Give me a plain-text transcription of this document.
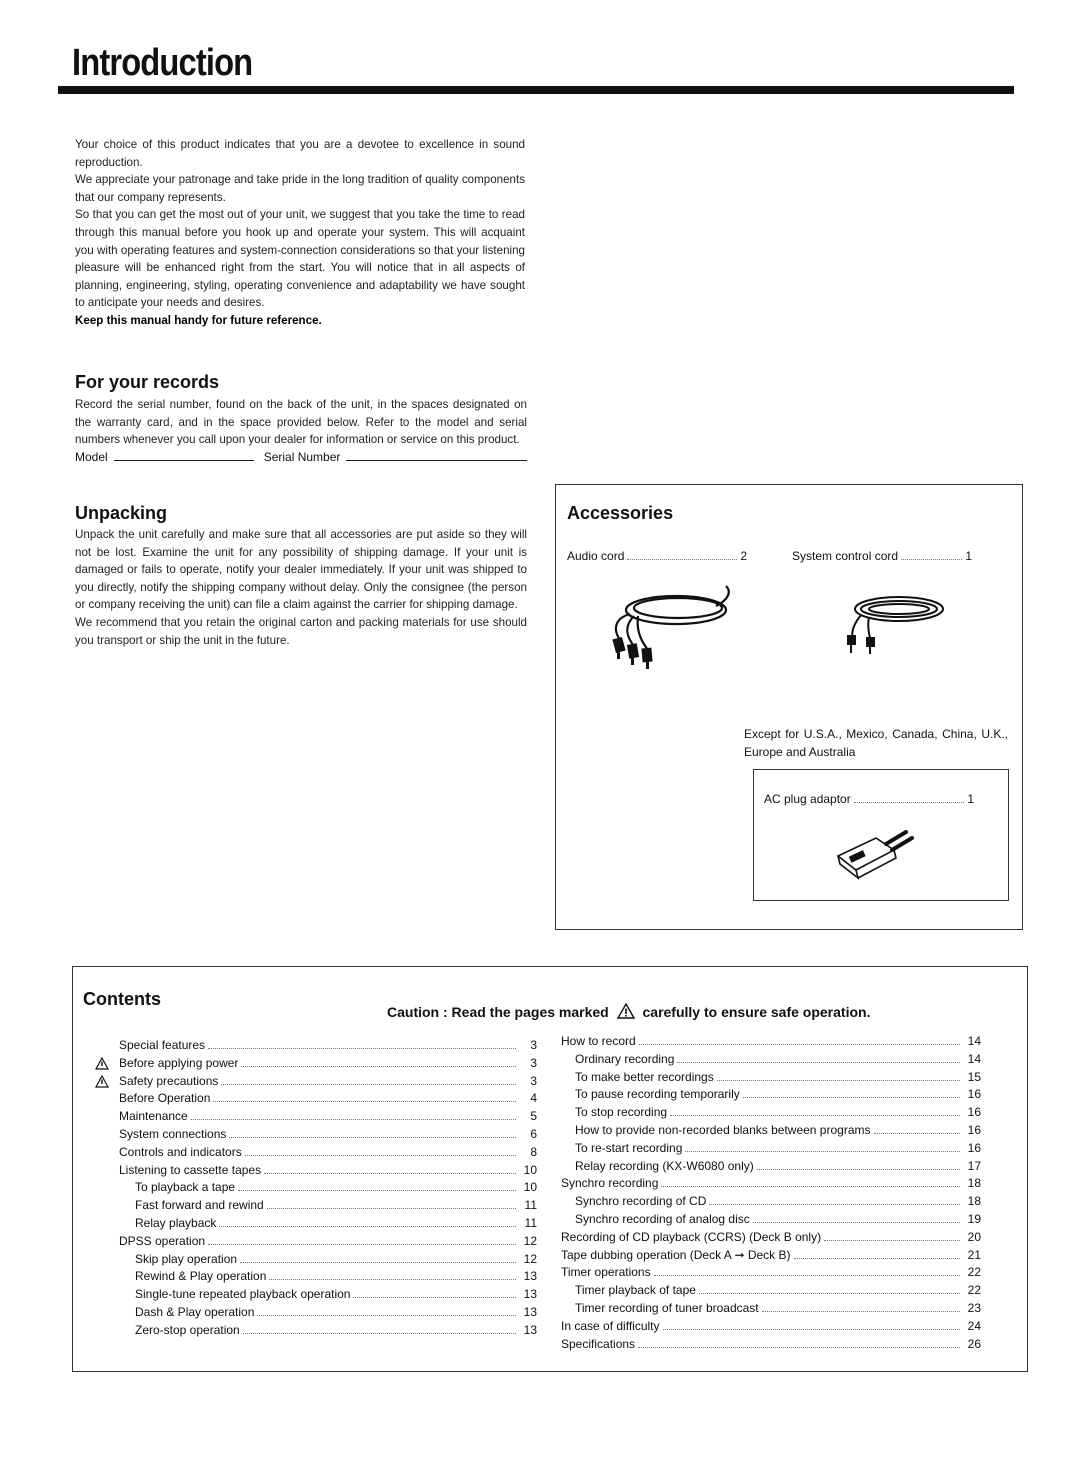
Introduction

Your choice of this product indicates that you are a devotee to excellence in sound reproduction.

We appreciate your patronage and take pride in the long tradition of quality components that our company represents.

So that you can get the most out of your unit, we suggest that you take the time to read through this manual before you hook up and operate your system. This will acquaint you with operating features and system-connection considerations so that your listening pleasure will be enhanced right from the start. You will notice that in all aspects of planning, engineering, styling, operating convenience and adaptability we have sought to anticipate your needs and desires.

Keep this manual handy for future reference.

For your records
Record the serial number, found on the back of the unit, in the spaces designated on the warranty card, and in the space provided below. Refer to the model and serial numbers whenever you call upon your dealer for information or service on this product.
Model	Serial Number
Unpacking

Unpack the unit carefully and make sure that all accessories are put aside so they will not be lost. Examine the unit for any possibility of shipping damage. If your unit is damaged or fails to operate, notify your dealer immediately. If your unit was shipped to you directly, notify the shipping company without delay. Only the consignee (the person or company receiving the unit) can file a claim against the carrier for shipping damage.

We recommend that you retain the original carton and packing materials for use should you transport or ship the unit in the future.

Accessories
Audio cord	2	System control cord	1
Except for U.S.A., Mexico, Canada, China, U.K., Europe and Australia
AC plug adaptor	1
Contents
Caution : Read the pages marked carefully to ensure safe operation.
Special features	3
Before applying power	3
Safety precautions	3
Before Operation	4
Maintenance	5
System connections	6
Controls and indicators	8
Listening to cassette tapes	10
To playback a tape	10
Fast forward and rewind	11
Relay playback	11
DPSS operation	12
Skip play operation	12
Rewind & Play operation	13
Single-tune repeated playback operation	13
Dash & Play operation	13
Zero-stop operation	13
How to record	14
Ordinary recording	14
To make better recordings	15
To pause recording temporarily	16
To stop recording	16
How to provide non-recorded blanks between programs	16
To re-start recording	16
Relay recording (KX-W6080 only)	17
Synchro recording	18
Synchro recording of CD	18
Synchro recording of analog disc	19
Recording of CD playback (CCRS) (Deck B only)	20
Tape dubbing operation (Deck A ➞ Deck B)	21
Timer operations	22
Timer playback of tape	22
Timer recording of tuner broadcast	23
In case of difficulty	24
Specifications	26
